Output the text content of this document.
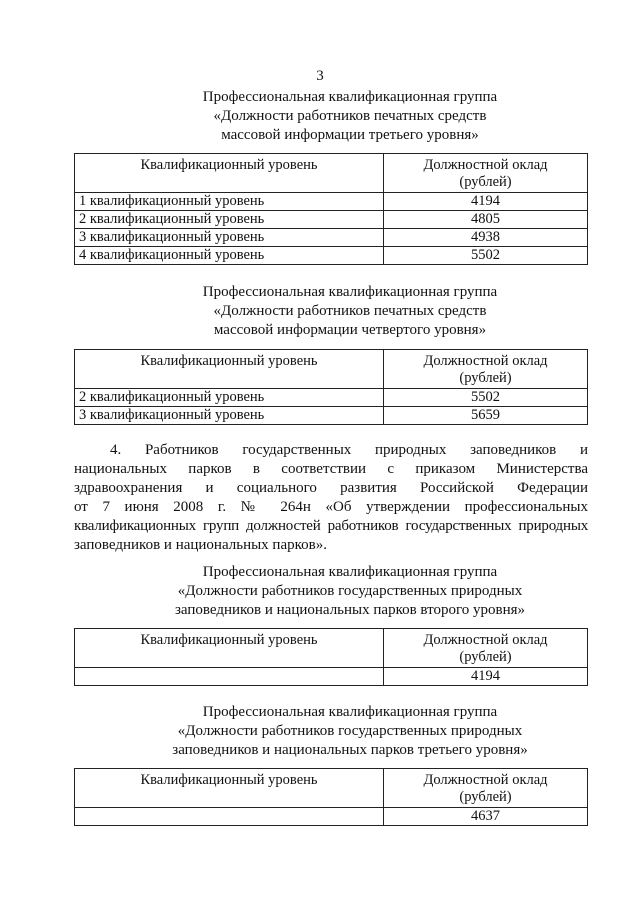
3
Профессиональная квалификационная группа
«Должности работников печатных средств
массовой информации третьего уровня»
Квалификационный уровень	Должностной оклад
(рублей)

1 квалификационный уровень	4194
2 квалификационный уровень	4805
3 квалификационный уровень	4938
4 квалификационный уровень	5502
Профессиональная квалификационная группа
«Должности работников печатных средств
массовой информации четвертого уровня»
Квалификационный уровень	Должностной оклад
(рублей)

2 квалификационный уровень	5502
3 квалификационный уровень	5659
4. Работников государственных природных заповедников и
национальных парков в соответствии с приказом Министерства
здравоохранения и социального развития Российской Федерации
от 7 июня 2008 г. № 264н «Об утверждении профессиональных
квалификационных групп должностей работников государственных природных
заповедников и национальных парков».
Профессиональная квалификационная группа
«Должности работников государственных природных
заповедников и национальных парков второго уровня»
Квалификационный уровень	Должностной оклад
(рублей)

	4194
Профессиональная квалификационная группа
«Должности работников государственных природных
заповедников и национальных парков третьего уровня»
Квалификационный уровень	Должностной оклад
(рублей)

	4637
